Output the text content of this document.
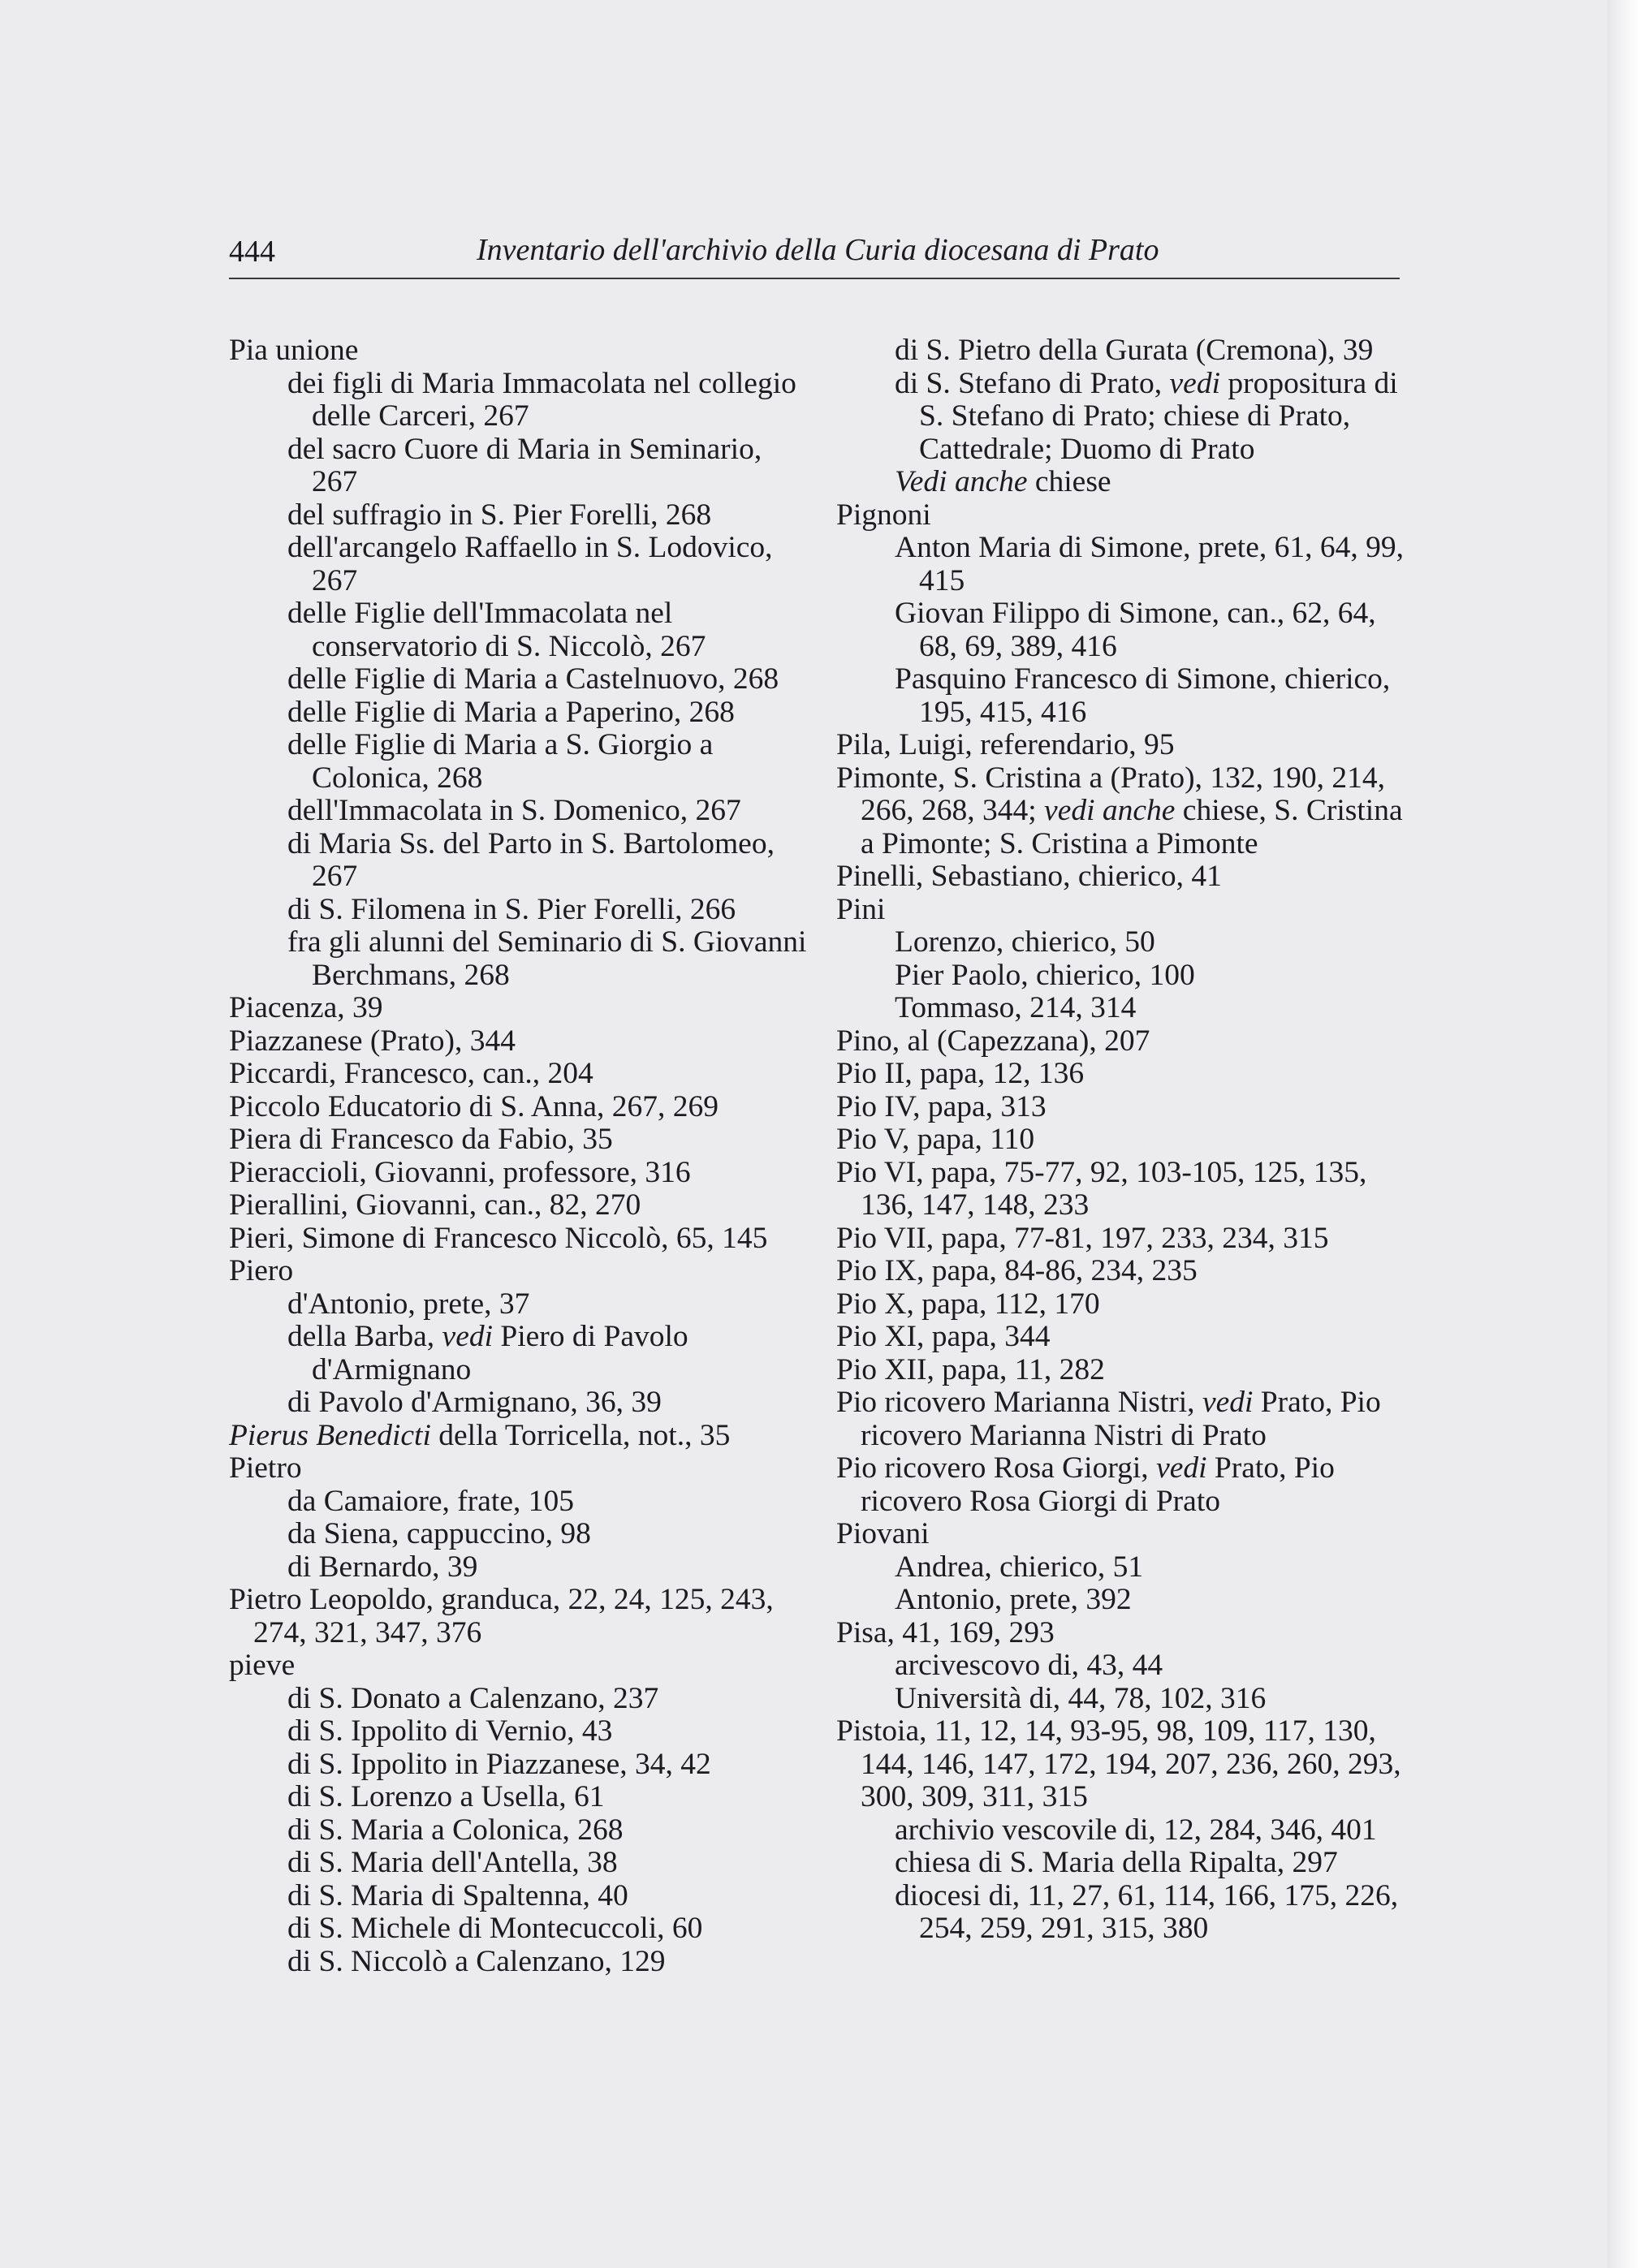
444	Inventario dell'archivio della Curia diocesana di Prato

Pia unione

dei figli di Maria Immacolata nel collegio delle Carceri, 267

del sacro Cuore di Maria in Seminario, 267

del suffragio in S. Pier Forelli, 268

dell'arcangelo Raffaello in S. Lodovico, 267

delle Figlie dell'Immacolata nel conservatorio di S. Niccolò, 267

delle Figlie di Maria a Castelnuovo, 268

delle Figlie di Maria a Paperino, 268

delle Figlie di Maria a S. Giorgio a Colonica, 268

dell'Immacolata in S. Domenico, 267

di Maria Ss. del Parto in S. Bartolomeo, 267

di S. Filomena in S. Pier Forelli, 266

fra gli alunni del Seminario di S. Giovanni Berchmans, 268

Piacenza, 39

Piazzanese (Prato), 344

Piccardi, Francesco, can., 204

Piccolo Educatorio di S. Anna, 267, 269

Piera di Francesco da Fabio, 35

Pieraccioli, Giovanni, professore, 316

Pierallini, Giovanni, can., 82, 270

Pieri, Simone di Francesco Niccolò, 65, 145

Piero

d'Antonio, prete, 37

della Barba, vedi Piero di Pavolo d'Armignano

di Pavolo d'Armignano, 36, 39

Pierus Benedicti della Torricella, not., 35

Pietro

da Camaiore, frate, 105

da Siena, cappuccino, 98

di Bernardo, 39

Pietro Leopoldo, granduca, 22, 24, 125, 243, 274, 321, 347, 376

pieve

di S. Donato a Calenzano, 237

di S. Ippolito di Vernio, 43

di S. Ippolito in Piazzanese, 34, 42

di S. Lorenzo a Usella, 61

di S. Maria a Colonica, 268

di S. Maria dell'Antella, 38

di S. Maria di Spaltenna, 40

di S. Michele di Montecuccoli, 60

di S. Niccolò a Calenzano, 129

di S. Pietro della Gurata (Cremona), 39

di S. Stefano di Prato, vedi propositura di S. Stefano di Prato; chiese di Prato, Cattedrale; Duomo di Prato

Vedi anche chiese

Pignoni

Anton Maria di Simone, prete, 61, 64, 99, 415

Giovan Filippo di Simone, can., 62, 64, 68, 69, 389, 416

Pasquino Francesco di Simone, chierico, 195, 415, 416

Pila, Luigi, referendario, 95

Pimonte, S. Cristina a (Prato), 132, 190, 214, 266, 268, 344; vedi anche chiese, S. Cristina a Pimonte; S. Cristina a Pimonte

Pinelli, Sebastiano, chierico, 41

Pini

Lorenzo, chierico, 50

Pier Paolo, chierico, 100

Tommaso, 214, 314

Pino, al (Capezzana), 207

Pio II, papa, 12, 136

Pio IV, papa, 313

Pio V, papa, 110

Pio VI, papa, 75-77, 92, 103-105, 125, 135, 136, 147, 148, 233

Pio VII, papa, 77-81, 197, 233, 234, 315

Pio IX, papa, 84-86, 234, 235

Pio X, papa, 112, 170

Pio XI, papa, 344

Pio XII, papa, 11, 282

Pio ricovero Marianna Nistri, vedi Prato, Pio ricovero Marianna Nistri di Prato

Pio ricovero Rosa Giorgi, vedi Prato, Pio ricovero Rosa Giorgi di Prato

Piovani

Andrea, chierico, 51

Antonio, prete, 392

Pisa, 41, 169, 293

arcivescovo di, 43, 44

Università di, 44, 78, 102, 316

Pistoia, 11, 12, 14, 93-95, 98, 109, 117, 130, 144, 146, 147, 172, 194, 207, 236, 260, 293, 300, 309, 311, 315

archivio vescovile di, 12, 284, 346, 401

chiesa di S. Maria della Ripalta, 297

diocesi di, 11, 27, 61, 114, 166, 175, 226, 254, 259, 291, 315, 380
